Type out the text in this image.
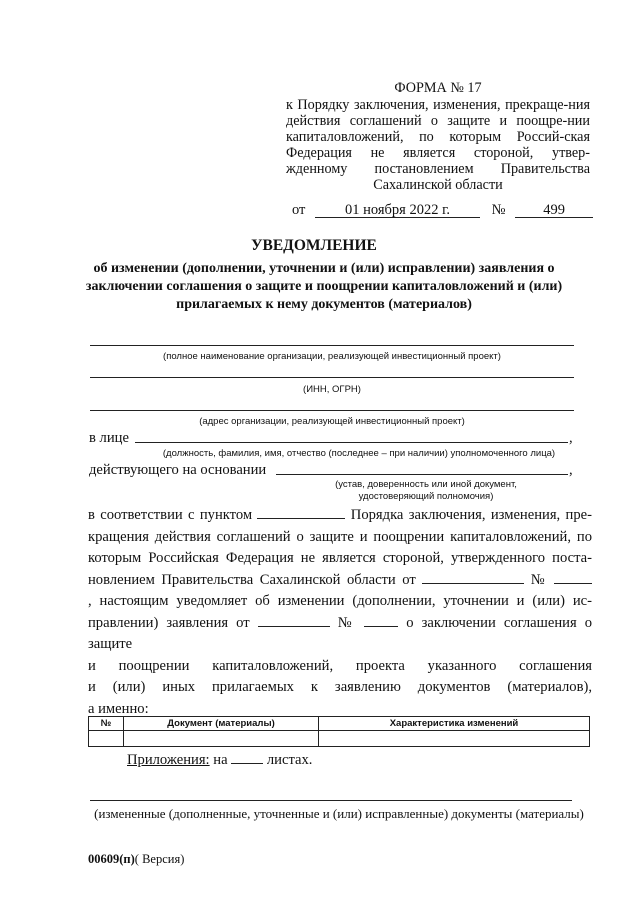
ФОРМА № 17
к Порядку заключения, изменения, прекраще-ния действия соглашений о защите и поощре-нии капиталовложений, по которым Россий-ская Федерация не является стороной, утвер-жденному постановлением Правительства Сахалинской области
от	01 ноября 2022 г.	№	499
УВЕДОМЛЕНИЕ
об изменении (дополнении, уточнении и (или) исправлении) заявления о заключении соглашения о защите и поощрении капиталовложений и (или) прилагаемых к нему документов (материалов)
(полное наименование организации, реализующей инвестиционный проект)
(ИНН, ОГРН)
(адрес организации, реализующей инвестиционный проект)
в лице	,
(должность, фамилия, имя, отчество (последнее – при наличии) уполномоченного лица)
действующего на основании	,
(устав, доверенность или иной документ,
удостоверяющий полномочия)
в соответствии с пунктом	Порядка заключения, изменения, пре-
кращения действия соглашений о защите и поощрении капиталовложений, по
которым Российская Федерация не является стороной, утвержденного поста-
новлением Правительства Сахалинской области от	№
, настоящим уведомляет об изменении (дополнении, уточнении и (или) ис-
правлении) заявления от	№	о заключении соглашения о
защите
и поощрении капиталовложений, проекта указанного соглашения
и (или) иных прилагаемых к заявлению документов (материалов),
а именно:
№	Документ (материалы)	Характеристика изменений

Приложения: на	листах.
(измененные (дополненные, уточненные и (или) исправленные) документы (материалы)
00609(п)( Версия)
